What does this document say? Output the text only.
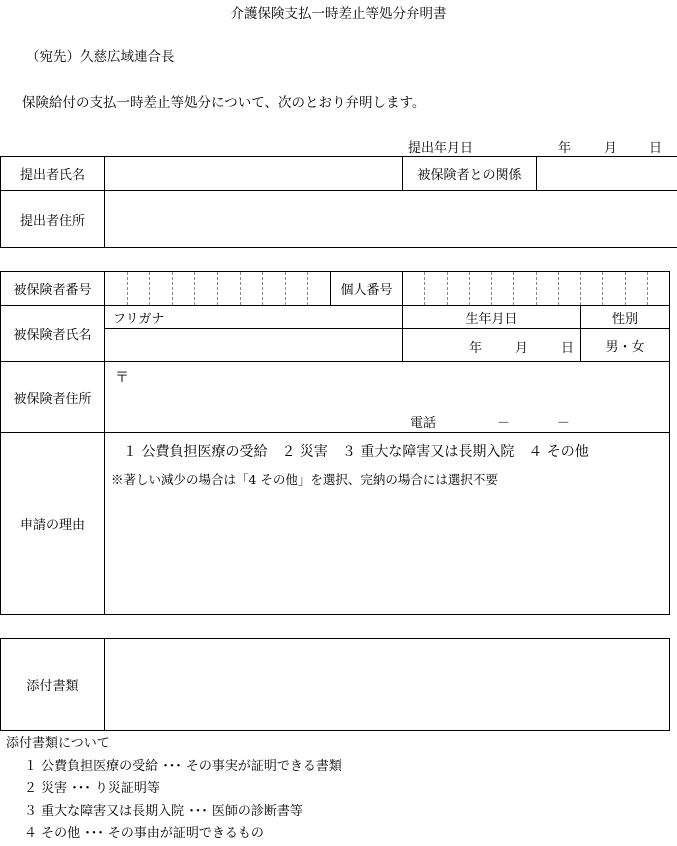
介護保険支払一時差止等処分弁明書
（宛先）久慈広域連合長
保険給付の支払一時差止等処分について、次のとおり弁明します。
提出年月日	年	月 日
提出者氏名		被保険者との関係	
提出者住所			
被保険者番号		個人番号		

被保険者氏名	フリガナ		生年月日	性別

			年 月 日	男・女
被保険者住所	〒
電話 － －			

申請の理由	１ 公費負担医療の受給　２ 災害　３ 重大な障害又は長期入院　４ その他
※著しい減少の場合は「4 その他」を選択、完納の場合には選択不要			
添付書類	
添付書類について
１ 公費負担医療の受給 ･･･ その事実が証明できる書類
２ 災害 ･･･ り災証明等
３ 重大な障害又は長期入院 ･･･ 医師の診断書等
４ その他 ･･･ その事由が証明できるもの
